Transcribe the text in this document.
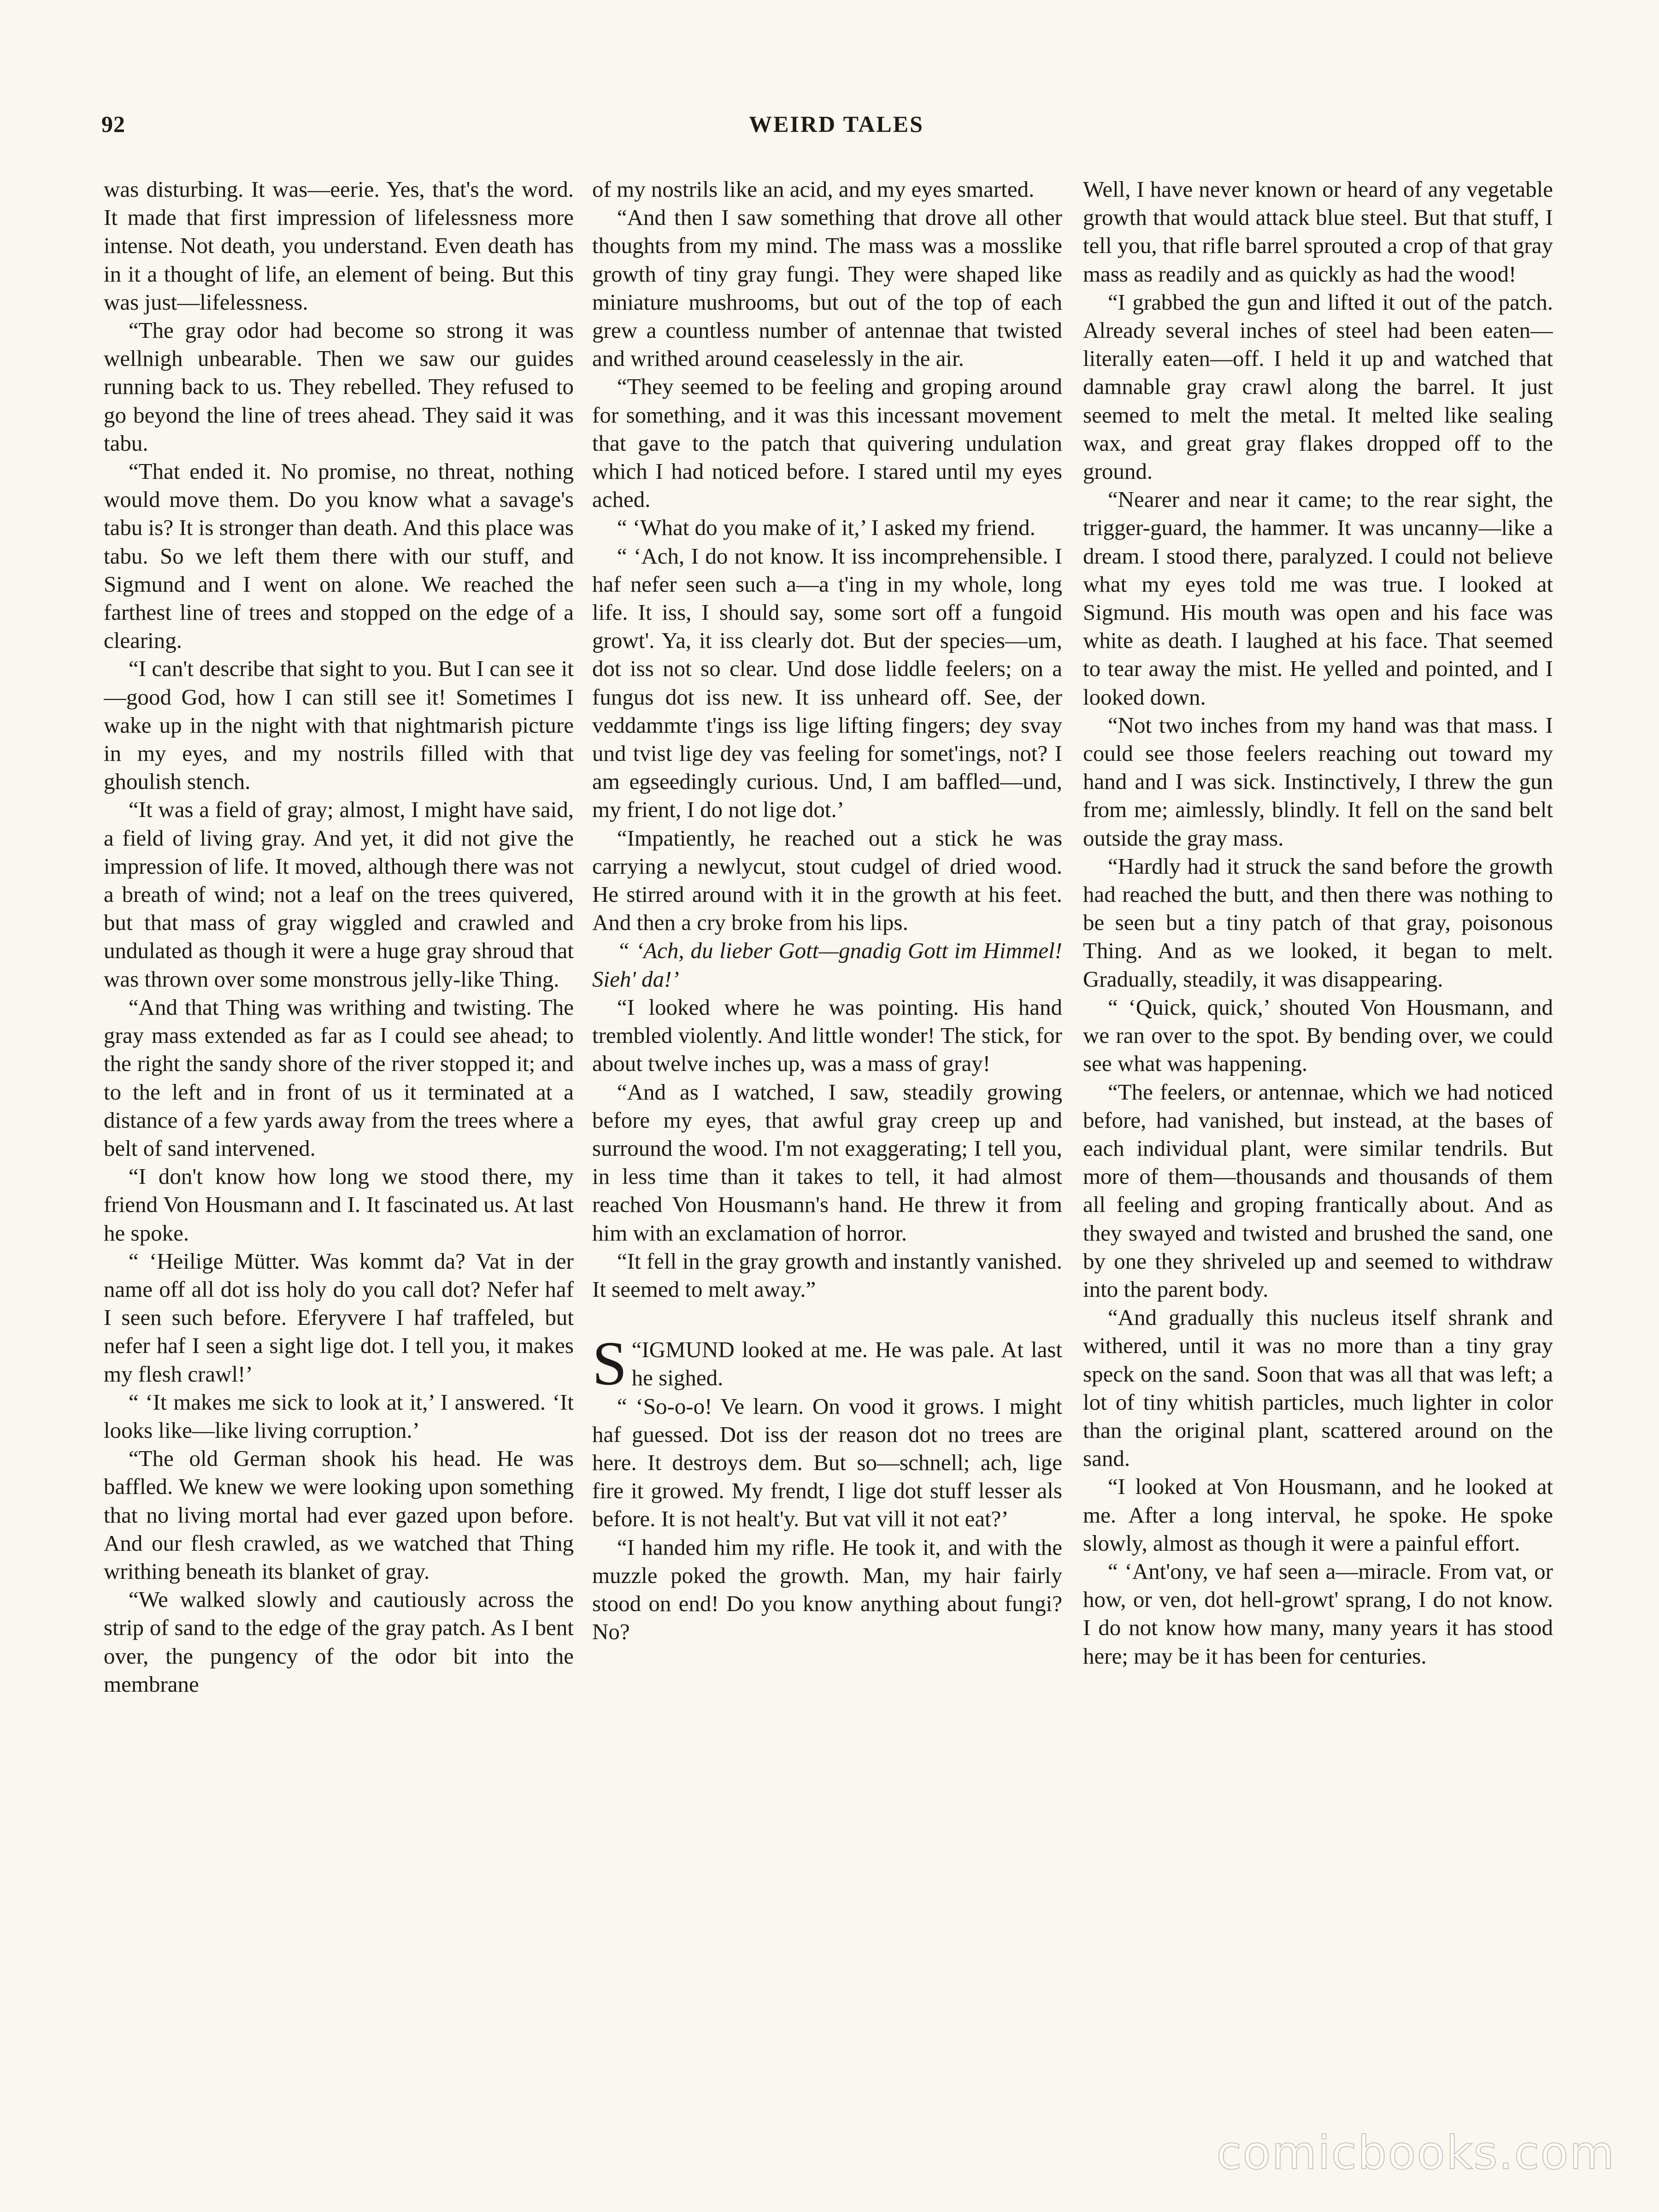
92	WEIRD TALES

was disturbing. It was—eerie. Yes, that's the word. It made that first impression of lifelessness more intense. Not death, you understand. Even death has in it a thought of life, an element of being. But this was just—lifelessness.

“The gray odor had become so strong it was wellnigh unbearable. Then we saw our guides running back to us. They rebelled. They refused to go beyond the line of trees ahead. They said it was tabu.

“That ended it. No promise, no threat, nothing would move them. Do you know what a savage's tabu is? It is stronger than death. And this place was tabu. So we left them there with our stuff, and Sigmund and I went on alone. We reached the farthest line of trees and stopped on the edge of a clearing.

“I can't describe that sight to you. But I can see it—good God, how I can still see it! Sometimes I wake up in the night with that nightmarish picture in my eyes, and my nostrils filled with that ghoulish stench.

“It was a field of gray; almost, I might have said, a field of living gray. And yet, it did not give the impression of life. It moved, although there was not a breath of wind; not a leaf on the trees quivered, but that mass of gray wiggled and crawled and undulated as though it were a huge gray shroud that was thrown over some monstrous jelly-like Thing.

“And that Thing was writhing and twisting. The gray mass extended as far as I could see ahead; to the right the sandy shore of the river stopped it; and to the left and in front of us it terminated at a distance of a few yards away from the trees where a belt of sand intervened.

“I don't know how long we stood there, my friend Von Housmann and I. It fascinated us. At last he spoke.

“ ‘Heilige Mütter. Was kommt da? Vat in der name off all dot iss holy do you call dot? Nefer haf I seen such before. Eferyvere I haf traffeled, but nefer haf I seen a sight lige dot. I tell you, it makes my flesh crawl!’

“ ‘It makes me sick to look at it,’ I answered. ‘It looks like—like living corruption.’

“The old German shook his head. He was baffled. We knew we were looking upon something that no living mortal had ever gazed upon before. And our flesh crawled, as we watched that Thing writhing beneath its blanket of gray.

“We walked slowly and cautiously across the strip of sand to the edge of the gray patch. As I bent over, the pungency of the odor bit into the membrane

of my nostrils like an acid, and my eyes smarted.

“And then I saw something that drove all other thoughts from my mind. The mass was a mosslike growth of tiny gray fungi. They were shaped like miniature mushrooms, but out of the top of each grew a countless number of antennae that twisted and writhed around ceaselessly in the air.

“They seemed to be feeling and groping around for something, and it was this incessant movement that gave to the patch that quivering undulation which I had noticed before. I stared until my eyes ached.

“ ‘What do you make of it,’ I asked my friend.

“ ‘Ach, I do not know. It iss incomprehensible. I haf nefer seen such a—a t'ing in my whole, long life. It iss, I should say, some sort off a fungoid growt'. Ya, it iss clearly dot. But der species—um, dot iss not so clear. Und dose liddle feelers; on a fungus dot iss new. It iss unheard off. See, der veddammte t'ings iss lige lifting fingers; dey svay und tvist lige dey vas feeling for somet'ings, not? I am egseedingly curious. Und, I am baffled—und, my frient, I do not lige dot.’

“Impatiently, he reached out a stick he was carrying a newlycut, stout cudgel of dried wood. He stirred around with it in the growth at his feet. And then a cry broke from his lips.

“ ‘Ach, du lieber Gott—gnadig Gott im Himmel! Sieh' da!’

“I looked where he was pointing. His hand trembled violently. And little wonder! The stick, for about twelve inches up, was a mass of gray!

“And as I watched, I saw, steadily growing before my eyes, that awful gray creep up and surround the wood. I'm not exaggerating; I tell you, in less time than it takes to tell, it had almost reached Von Housmann's hand. He threw it from him with an exclamation of horror.

“It fell in the gray growth and instantly vanished. It seemed to melt away.”

“
S IGMUND looked at me. He was pale. At last he sighed.

“ ‘So-o-o! Ve learn. On vood it grows. I might haf guessed. Dot iss der reason dot no trees are here. It destroys dem. But so—schnell; ach, lige fire it growed. My frendt, I lige dot stuff lesser als before. It is not healt'y. But vat vill it not eat?’

“I handed him my rifle. He took it, and with the muzzle poked the growth. Man, my hair fairly stood on end! Do you know anything about fungi? No?

Well, I have never known or heard of any vegetable growth that would attack blue steel. But that stuff, I tell you, that rifle barrel sprouted a crop of that gray mass as readily and as quickly as had the wood!

“I grabbed the gun and lifted it out of the patch. Already several inches of steel had been eaten—literally eaten—off. I held it up and watched that damnable gray crawl along the barrel. It just seemed to melt the metal. It melted like sealing wax, and great gray flakes dropped off to the ground.

“Nearer and near it came; to the rear sight, the trigger-guard, the hammer. It was uncanny—like a dream. I stood there, paralyzed. I could not believe what my eyes told me was true. I looked at Sigmund. His mouth was open and his face was white as death. I laughed at his face. That seemed to tear away the mist. He yelled and pointed, and I looked down.

“Not two inches from my hand was that mass. I could see those feelers reaching out toward my hand and I was sick. Instinctively, I threw the gun from me; aimlessly, blindly. It fell on the sand belt outside the gray mass.

“Hardly had it struck the sand before the growth had reached the butt, and then there was nothing to be seen but a tiny patch of that gray, poisonous Thing. And as we looked, it began to melt. Gradually, steadily, it was disappearing.

“ ‘Quick, quick,’ shouted Von Housmann, and we ran over to the spot. By bending over, we could see what was happening.

“The feelers, or antennae, which we had noticed before, had vanished, but instead, at the bases of each individual plant, were similar tendrils. But more of them—thousands and thousands of them all feeling and groping frantically about. And as they swayed and twisted and brushed the sand, one by one they shriveled up and seemed to withdraw into the parent body.

“And gradually this nucleus itself shrank and withered, until it was no more than a tiny gray speck on the sand. Soon that was all that was left; a lot of tiny whitish particles, much lighter in color than the original plant, scattered around on the sand.

“I looked at Von Housmann, and he looked at me. After a long interval, he spoke. He spoke slowly, almost as though it were a painful effort.

“ ‘Ant'ony, ve haf seen a—miracle. From vat, or how, or ven, dot hell-growt' sprang, I do not know. I do not know how many, many years it has stood here; may be it has been for centuries.

comicbooks.com
